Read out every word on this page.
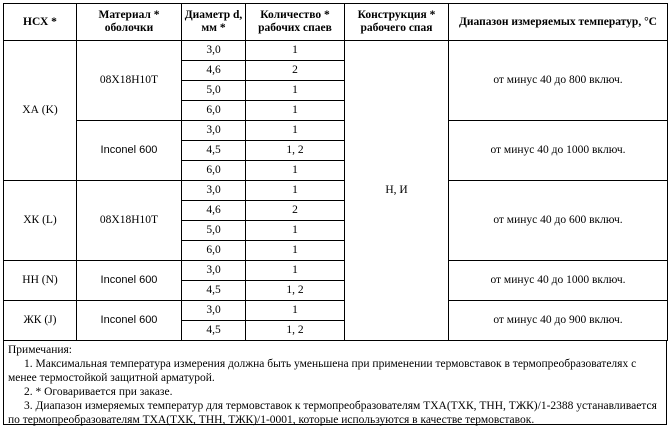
НСХ *	Материал * оболочки	Диаметр d, мм *	Количество * рабочих спаев	Конструкция * рабочего спая	Диапазон измеряемых температур, °С
ХА (K)	08Х18Н10Т	3,0	1	Н, И	от минус 40 до 800 включ.
		4,6	2		
		5,0	1		
		6,0	1		
	Inconel 600	3,0	1		от минус 40 до 1000 включ.
		4,5	1, 2		
		6,0	1		
ХК (L)	08Х18Н10Т	3,0	1		от минус 40 до 600 включ.
		4,6	2		
		5,0	1		
		6,0	1		
НН (N)	Inconel 600	3,0	1		от минус 40 до 1000 включ.
		4,5	1, 2		
ЖК (J)	Inconel 600	3,0	1		от минус 40 до 900 включ.
		4,5	1, 2		

Примечания:

1. Максимальная температура измерения должна быть уменьшена при применении термовставок в термопреобразователях с менее термостойкой защитной арматурой.

2. * Оговаривается при заказе.

3. Диапазон измеряемых температур для термовставок к термопреобразователям ТХА(ТХК, ТНН, ТЖК)/1-2388 устанавливается по термопреобразователям ТХА(ТХК, ТНН, ТЖК)/1-0001, которые используются в качестве термовставок.
